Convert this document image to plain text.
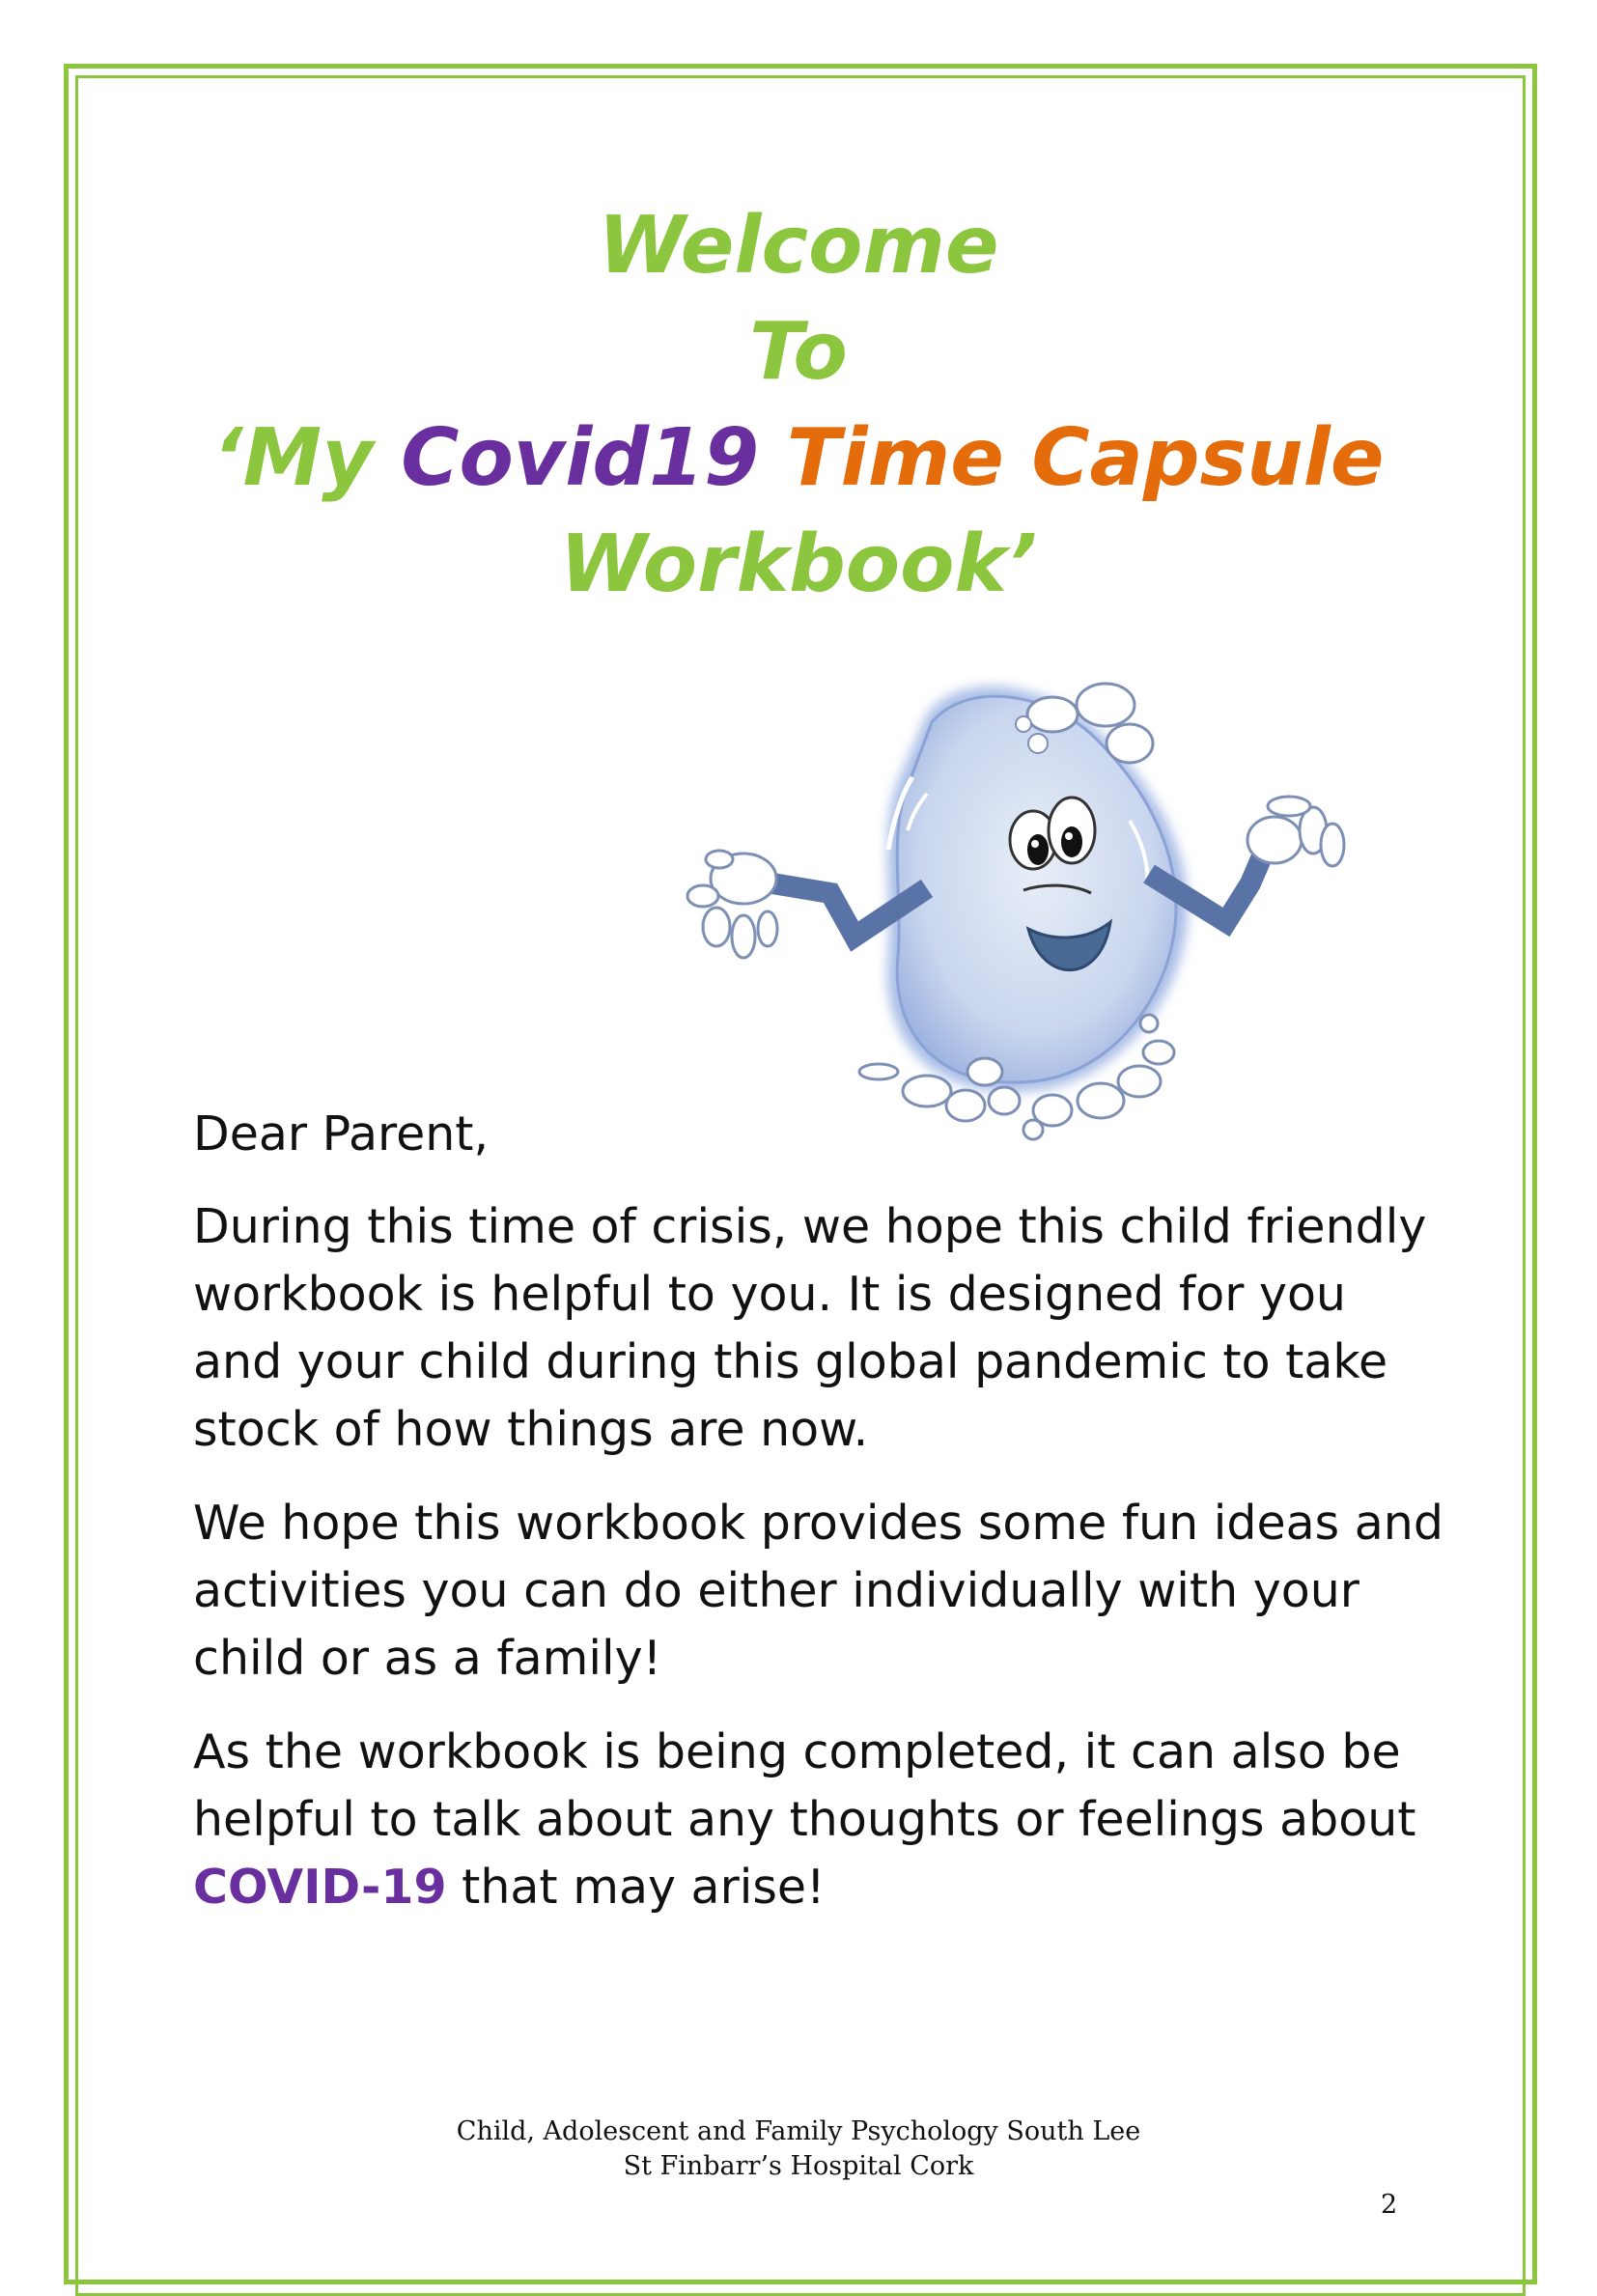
Welcome
To
‘My Covid19 Time Capsule
Workbook’

Dear Parent,

During this time of crisis, we hope this child friendly workbook is helpful to you. It is designed for you and your child during this global pandemic to take stock of how things are now.

We hope this workbook provides some fun ideas and activities you can do either individually with your child or as a family!

As the workbook is being completed, it can also be helpful to talk about any thoughts or feelings about COVID-19 that may arise!

Child, Adolescent and Family Psychology South Lee
St Finbarr’s Hospital Cork
2
